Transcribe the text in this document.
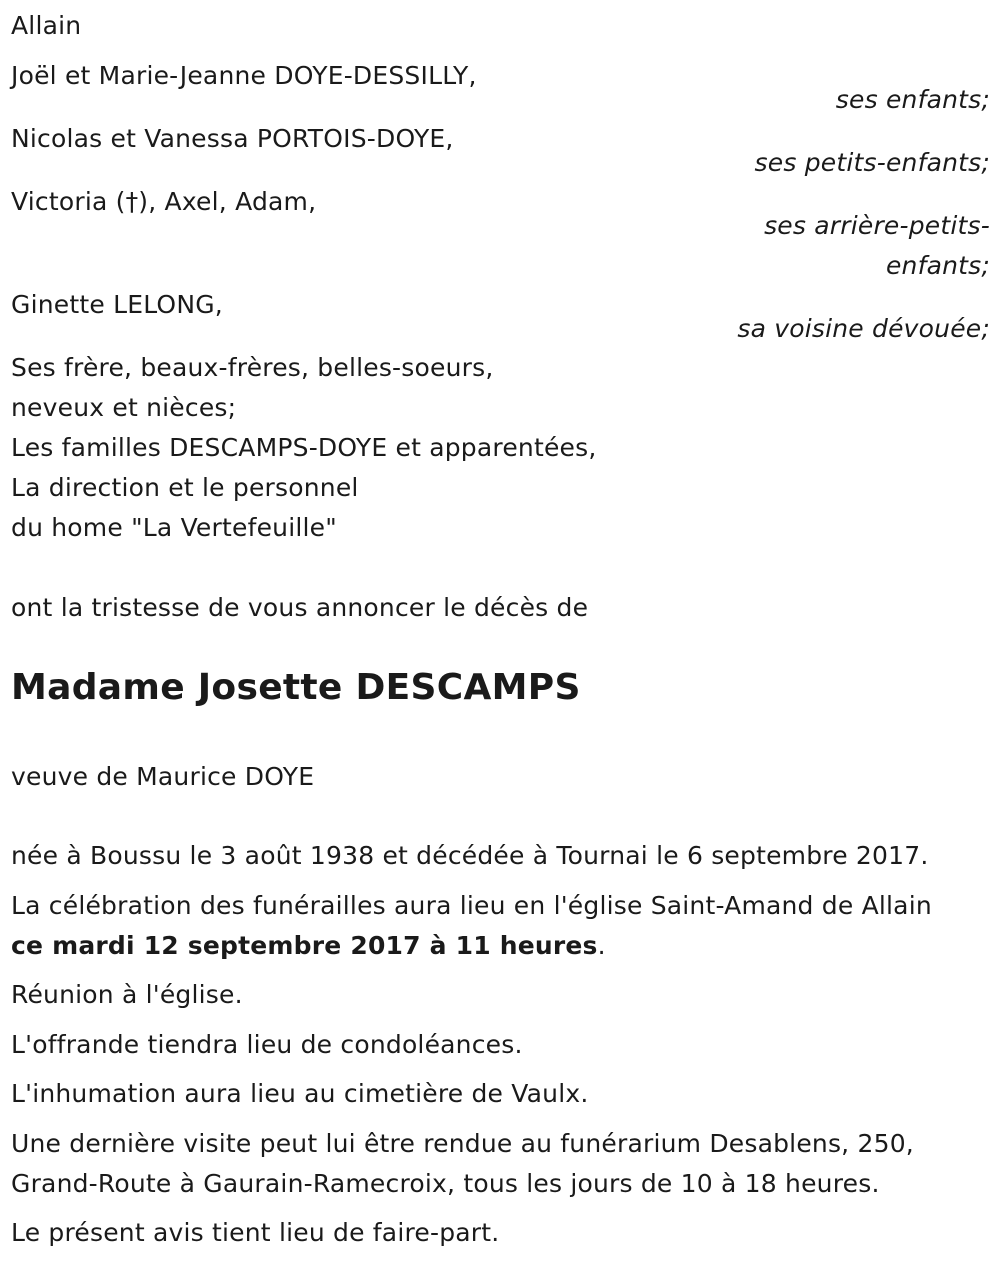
Allain
Joël et Marie-Jeanne DOYE-DESSILLY,
ses enfants;
Nicolas et Vanessa PORTOIS-DOYE,
ses petits-enfants;
Victoria (†), Axel, Adam,
ses arrière-petits-
enfants;
Ginette LELONG,
sa voisine dévouée;
Ses frère, beaux-frères, belles-soeurs,
neveux et nièces;
Les familles DESCAMPS-DOYE et apparentées,
La direction et le personnel
du home "La Vertefeuille"
ont la tristesse de vous annoncer le décès de
Madame Josette DESCAMPS
veuve de Maurice DOYE
née à Boussu le 3 août 1938 et décédée à Tournai le 6 septembre 2017.
La célébration des funérailles aura lieu en l'église Saint-Amand de Allain
ce mardi 12 septembre 2017 à 11 heures.
Réunion à l'église.
L'offrande tiendra lieu de condoléances.
L'inhumation aura lieu au cimetière de Vaulx.
Une dernière visite peut lui être rendue au funérarium Desablens, 250,
Grand-Route à Gaurain-Ramecroix, tous les jours de 10 à 18 heures.
Le présent avis tient lieu de faire-part.
